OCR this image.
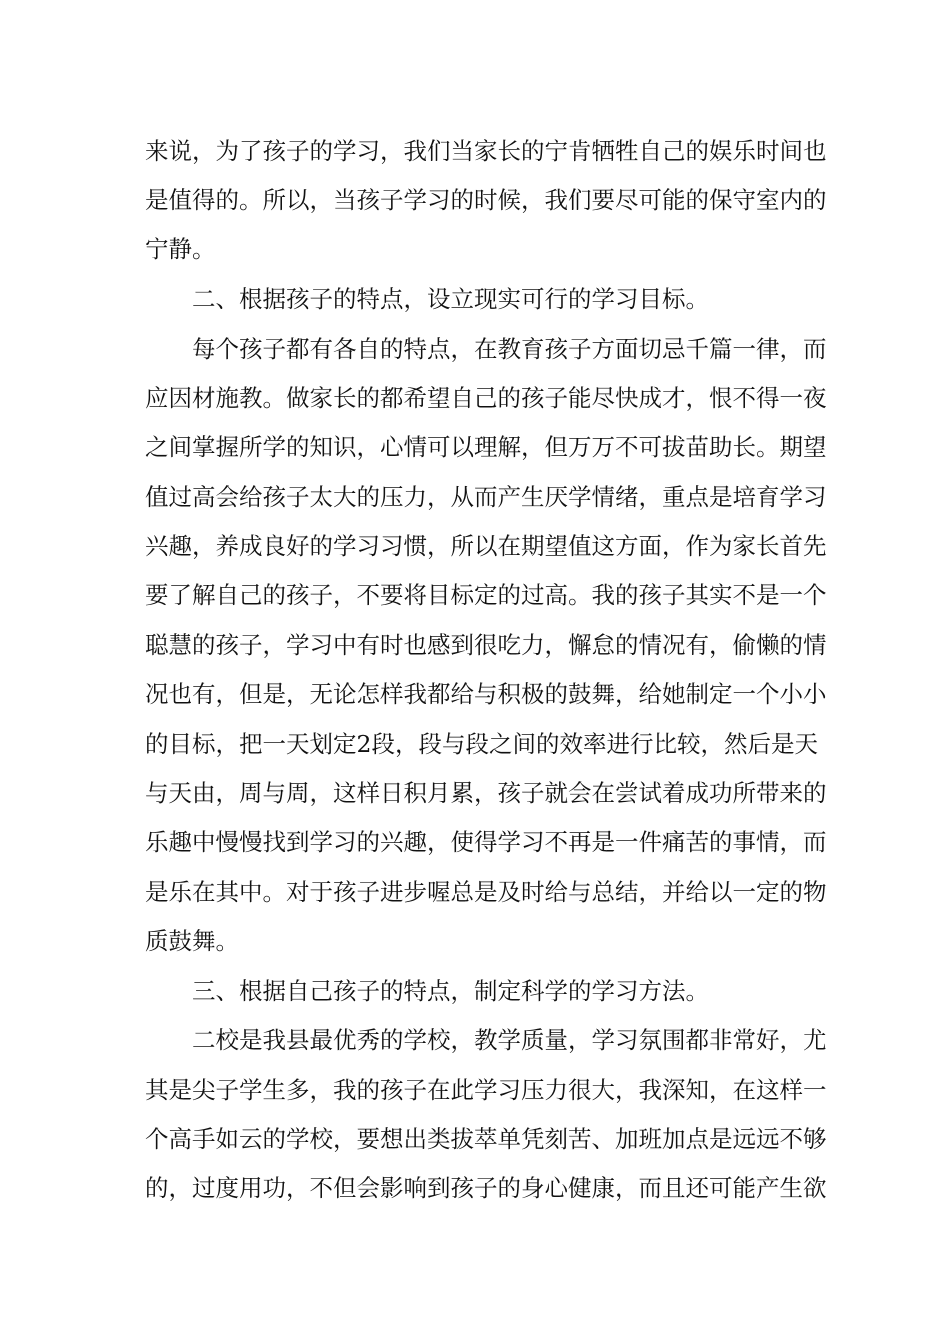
来说，为了孩子的学习，我们当家长的宁肯牺牲自己的娱乐时间也
是值得的。所以，当孩子学习的时候，我们要尽可能的保守室内的
宁静。
二、根据孩子的特点，设立现实可行的学习目标。
每个孩子都有各自的特点，在教育孩子方面切忌千篇一律，而
应因材施教。做家长的都希望自己的孩子能尽快成才，恨不得一夜
之间掌握所学的知识，心情可以理解，但万万不可拔苗助长。期望
值过高会给孩子太大的压力，从而产生厌学情绪，重点是培育学习
兴趣，养成良好的学习习惯，所以在期望值这方面，作为家长首先
要了解自己的孩子，不要将目标定的过高。我的孩子其实不是一个
聪慧的孩子，学习中有时也感到很吃力，懈怠的情况有，偷懒的情
况也有，但是，无论怎样我都给与积极的鼓舞，给她制定一个小小
的目标，把一天划定2段，段与段之间的效率进行比较，然后是天
与天由，周与周，这样日积月累，孩子就会在尝试着成功所带来的
乐趣中慢慢找到学习的兴趣，使得学习不再是一件痛苦的事情，而
是乐在其中。对于孩子进步喔总是及时给与总结，并给以一定的物
质鼓舞。
三、根据自己孩子的特点，制定科学的学习方法。
二校是我县最优秀的学校，教学质量，学习氛围都非常好，尤
其是尖子学生多，我的孩子在此学习压力很大，我深知，在这样一
个高手如云的学校，要想出类拔萃单凭刻苦、加班加点是远远不够
的，过度用功，不但会影响到孩子的身心健康，而且还可能产生欲
